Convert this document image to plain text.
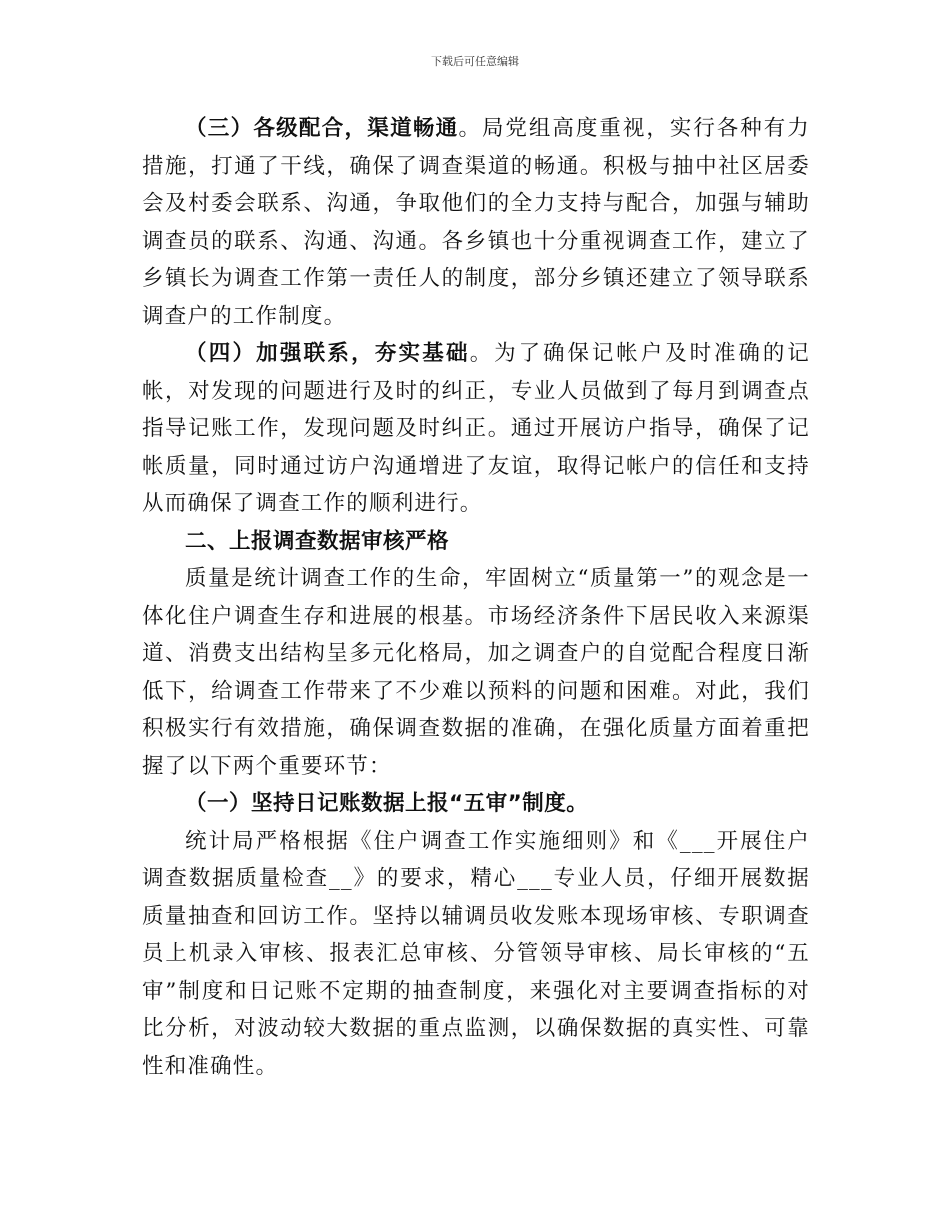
下载后可任意编辑

（三）各级配合，渠道畅通。局党组高度重视，实行各种有力措施，打通了干线，确保了调查渠道的畅通。积极与抽中社区居委会及村委会联系、沟通，争取他们的全力支持与配合，加强与辅助调查员的联系、沟通、沟通。各乡镇也十分重视调查工作，建立了乡镇长为调查工作第一责任人的制度，部分乡镇还建立了领导联系调查户的工作制度。

（四）加强联系，夯实基础。为了确保记帐户及时准确的记帐，对发现的问题进行及时的纠正，专业人员做到了每月到调查点指导记账工作，发现问题及时纠正。通过开展访户指导，确保了记帐质量，同时通过访户沟通增进了友谊，取得记帐户的信任和支持从而确保了调查工作的顺利进行。

二、上报调查数据审核严格

质量是统计调查工作的生命，牢固树立“质量第一”的观念是一体化住户调查生存和进展的根基。市场经济条件下居民收入来源渠道、消费支出结构呈多元化格局，加之调查户的自觉配合程度日渐低下，给调查工作带来了不少难以预料的问题和困难。对此，我们积极实行有效措施，确保调查数据的准确，在强化质量方面着重把握了以下两个重要环节：

（一）坚持日记账数据上报“五审”制度。

统计局严格根据《住户调查工作实施细则》和《___开展住户调查数据质量检查__》的要求，精心___专业人员，仔细开展数据质量抽查和回访工作。坚持以辅调员收发账本现场审核、专职调查员上机录入审核、报表汇总审核、分管领导审核、局长审核的“五审”制度和日记账不定期的抽查制度，来强化对主要调查指标的对比分析，对波动较大数据的重点监测，以确保数据的真实性、可靠性和准确性。
